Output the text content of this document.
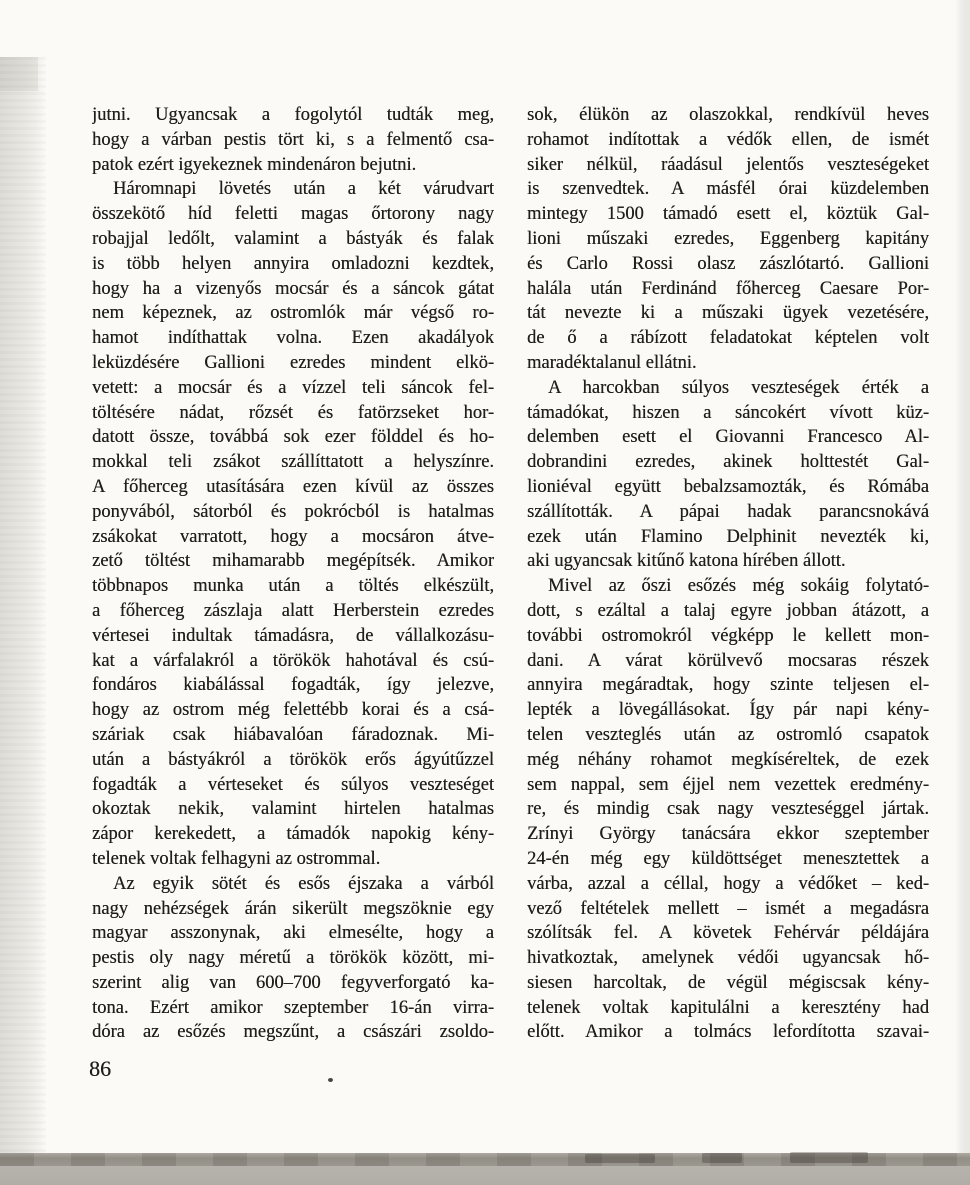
jutni. Ugyancsak a fogolytól tudták meg,
hogy a várban pestis tört ki, s a felmentő csa-
patok ezért igyekeznek mindenáron bejutni.
Háromnapi lövetés után a két várudvart
összekötő híd feletti magas őrtorony nagy
robajjal ledőlt, valamint a bástyák és falak
is több helyen annyira omladozni kezdtek,
hogy ha a vizenyős mocsár és a sáncok gátat
nem képeznek, az ostromlók már végső ro-
hamot indíthattak volna. Ezen akadályok
leküzdésére Gallioni ezredes mindent elkö-
vetett: a mocsár és a vízzel teli sáncok fel-
töltésére nádat, rőzsét és fatörzseket hor-
datott össze, továbbá sok ezer földdel és ho-
mokkal teli zsákot szállíttatott a helyszínre.
A főherceg utasítására ezen kívül az összes
ponyvából, sátorból és pokrócból is hatalmas
zsákokat varratott, hogy a mocsáron átve-
zető töltést mihamarabb megépítsék. Amikor
többnapos munka után a töltés elkészült,
a főherceg zászlaja alatt Herberstein ezredes
vértesei indultak támadásra, de vállalkozásu-
kat a várfalakról a törökök hahotával és csú-
fondáros kiabálással fogadták, így jelezve,
hogy az ostrom még felettébb korai és a csá-
száriak csak hiábavalóan fáradoznak. Mi-
után a bástyákról a törökök erős ágyútűzzel
fogadták a vérteseket és súlyos veszteséget
okoztak nekik, valamint hirtelen hatalmas
zápor kerekedett, a támadók napokig kény-
telenek voltak felhagyni az ostrommal.
Az egyik sötét és esős éjszaka a várból
nagy nehézségek árán sikerült megszöknie egy
magyar asszonynak, aki elmesélte, hogy a
pestis oly nagy méretű a törökök között, mi-
szerint alig van 600–700 fegyverforgató ka-
tona. Ezért amikor szeptember 16-án virra-
dóra az esőzés megszűnt, a császári zsoldo-
sok, élükön az olaszokkal, rendkívül heves
rohamot indítottak a védők ellen, de ismét
siker nélkül, ráadásul jelentős veszteségeket
is szenvedtek. A másfél órai küzdelemben
mintegy 1500 támadó esett el, köztük Gal-
lioni műszaki ezredes, Eggenberg kapitány
és Carlo Rossi olasz zászlótartó. Gallioni
halála után Ferdinánd főherceg Caesare Por-
tát nevezte ki a műszaki ügyek vezetésére,
de ő a rábízott feladatokat képtelen volt
maradéktalanul ellátni.
A harcokban súlyos veszteségek érték a
támadókat, hiszen a sáncokért vívott küz-
delemben esett el Giovanni Francesco Al-
dobrandini ezredes, akinek holttestét Gal-
lioniéval együtt bebalzsamozták, és Rómába
szállították. A pápai hadak parancsnokává
ezek után Flamino Delphinit nevezték ki,
aki ugyancsak kitűnő katona hírében állott.
Mivel az őszi esőzés még sokáig folytató-
dott, s ezáltal a talaj egyre jobban átázott, a
további ostromokról végképp le kellett mon-
dani. A várat körülvevő mocsaras részek
annyira megáradtak, hogy szinte teljesen el-
lepték a lövegállásokat. Így pár napi kény-
telen veszteglés után az ostromló csapatok
még néhány rohamot megkíséreltek, de ezek
sem nappal, sem éjjel nem vezettek eredmény-
re, és mindig csak nagy veszteséggel jártak.
Zrínyi György tanácsára ekkor szeptember
24-én még egy küldöttséget menesztettek a
várba, azzal a céllal, hogy a védőket – ked-
vező feltételek mellett – ismét a megadásra
szólítsák fel. A követek Fehérvár példájára
hivatkoztak, amelynek védői ugyancsak hő-
siesen harcoltak, de végül mégiscsak kény-
telenek voltak kapitulálni a keresztény had
előtt. Amikor a tolmács lefordította szavai-
86
